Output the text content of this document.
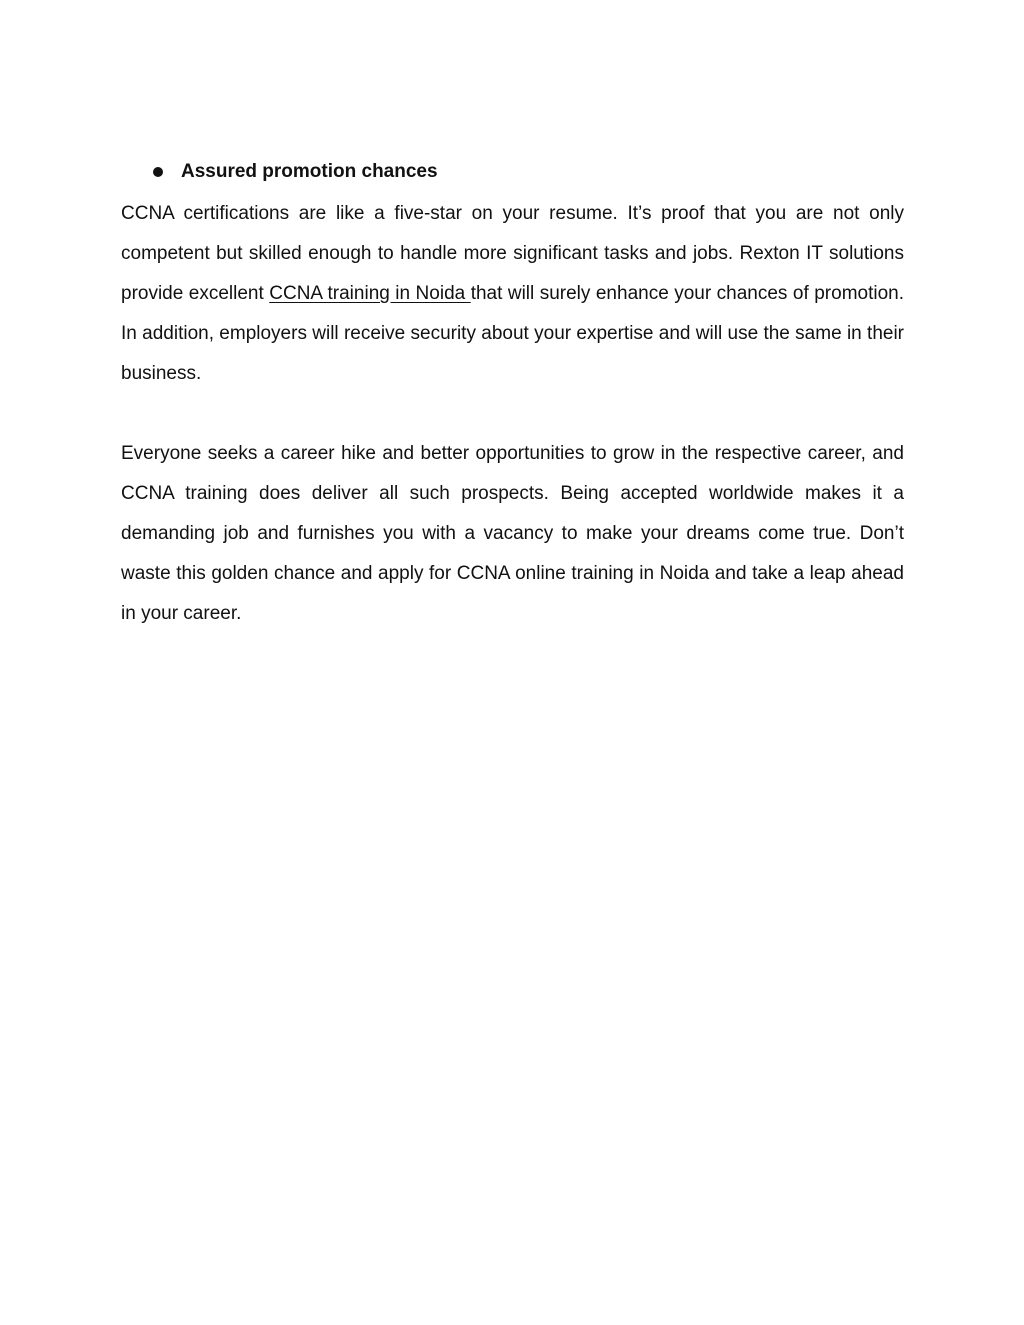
Assured promotion chances

CCNA certifications are like a five-star on your resume. It’s proof that you are not only competent but skilled enough to handle more significant tasks and jobs. Rexton IT solutions provide excellent CCNA training in Noida that will surely enhance your chances of promotion. In addition, employers will receive security about your expertise and will use the same in their business.

Everyone seeks a career hike and better opportunities to grow in the respective career, and CCNA training does deliver all such prospects. Being accepted worldwide makes it a demanding job and furnishes you with a vacancy to make your dreams come true. Don’t waste this golden chance and apply for CCNA online training in Noida and take a leap ahead in your career.
